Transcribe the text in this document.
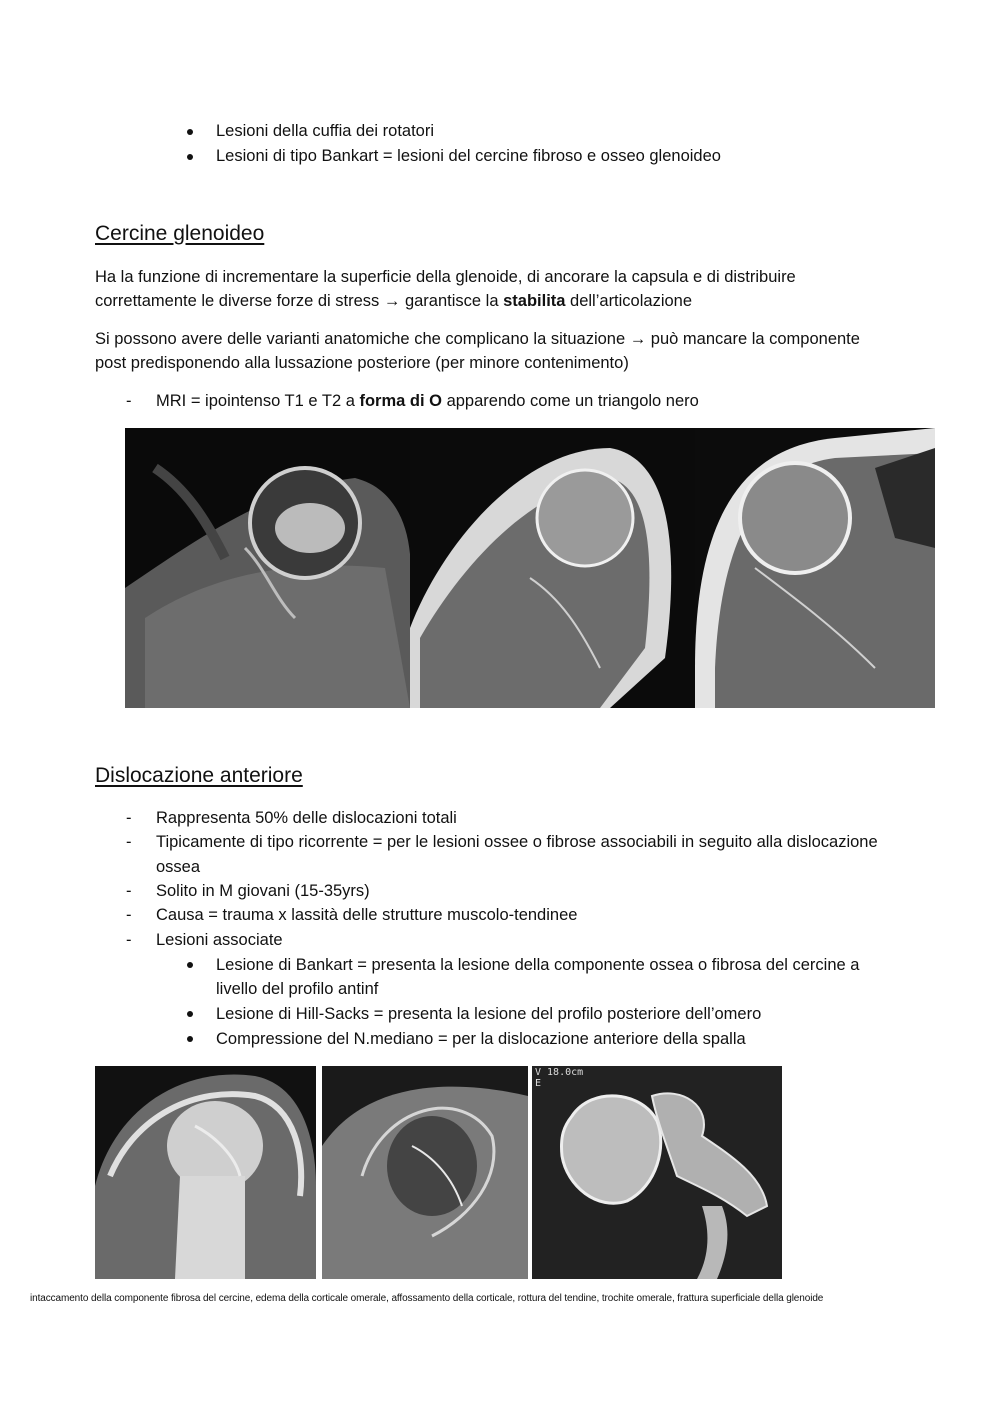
Lesioni della cuffia dei rotatori
Lesioni di tipo Bankart = lesioni del cercine fibroso e osseo glenoideo
Cercine glenoideo
Ha la funzione di incrementare la superficie della glenoide, di ancorare la capsula e di distribuire
correttamente le diverse forze di stress → garantisce la stabilita dell’articolazione
Si possono avere delle varianti anatomiche che complicano la situazione → può mancare la componente
post predisponendo alla lussazione posteriore (per minore contenimento)
- MRI = ipointenso T1 e T2 a forma di O apparendo come un triangolo nero
Dislocazione anteriore
- Rappresenta 50% delle dislocazioni totali
- Tipicamente di tipo ricorrente = per le lesioni ossee o fibrose associabili in seguito alla dislocazione
ossea
- Solito in M giovani (15-35yrs)
- Causa = trauma x lassità delle strutture muscolo-tendinee
- Lesioni associate
Lesione di Bankart = presenta la lesione della componente ossea o fibrosa del cercine a
livello del profilo antinf
Lesione di Hill-Sacks = presenta la lesione del profilo posteriore dell’omero
Compressione del N.mediano = per la dislocazione anteriore della spalla
V 18.0cm
E
intaccamento della componente fibrosa del cercine, edema della corticale omerale, affossamento della corticale, rottura del tendine, trochite omerale, frattura superficiale della glenoide
